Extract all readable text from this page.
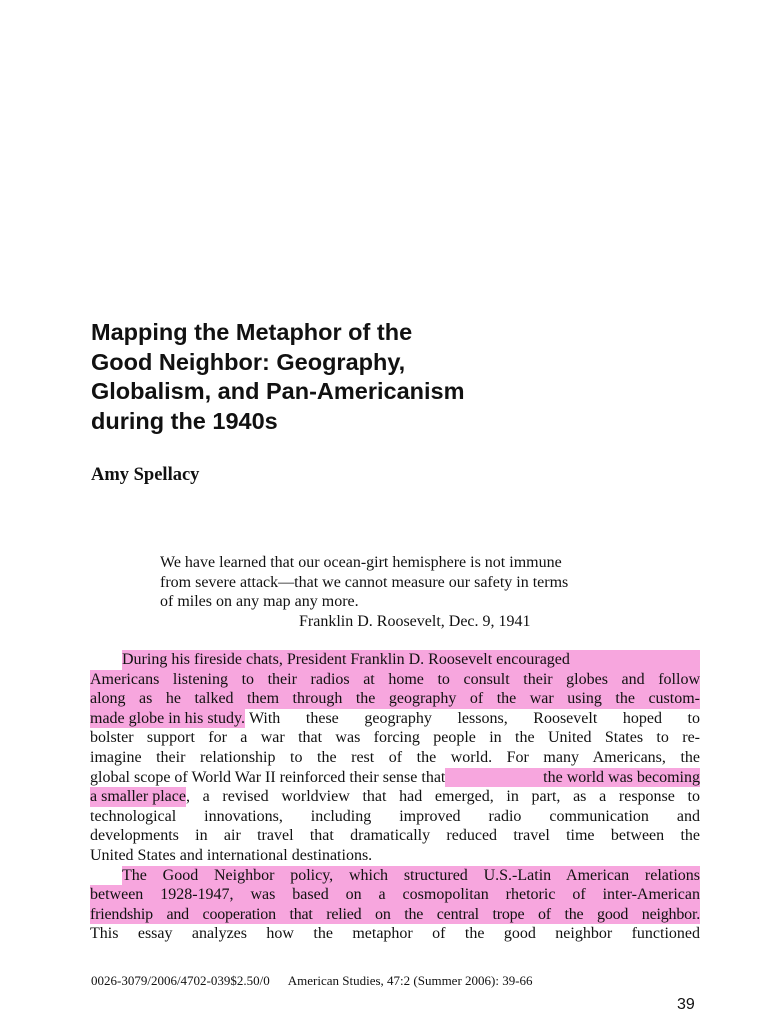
Mapping the Metaphor of the
Good Neighbor: Geography,
Globalism, and Pan-Americanism
during the 1940s

Amy Spellacy

We have learned that our ocean-girt hemisphere is not immune
from severe attack—that we cannot measure our safety in terms
of miles on any map any more.
Franklin D. Roosevelt, Dec. 9, 1941
During his fireside chats, President Franklin D. Roosevelt encouraged
Americans listening to their radios at home to consult their globes and follow
along as he talked them through the geography of the war using the custom-
made globe in his study. With these geography lessons, Roosevelt hoped to
bolster support for a war that was forcing people in the United States to re-
imagine their relationship to the rest of the world. For many Americans, the
global scope of World War II reinforced their sense that	the world was becoming
a smaller place , a revised worldview that had emerged, in part, as a response to
technological innovations, including improved radio communication and
developments in air travel that dramatically reduced travel time between the
United States and international destinations.
The Good Neighbor policy, which structured U.S.-Latin American relations
between 1928-1947, was based on a cosmopolitan rhetoric of inter-American
friendship and cooperation that relied on the central trope of the good neighbor.
This essay analyzes how the metaphor of the good neighbor functioned
0026-3079/2006/4702-039$2.50/0 American Studies, 47:2 (Summer 2006): 39-66
39
